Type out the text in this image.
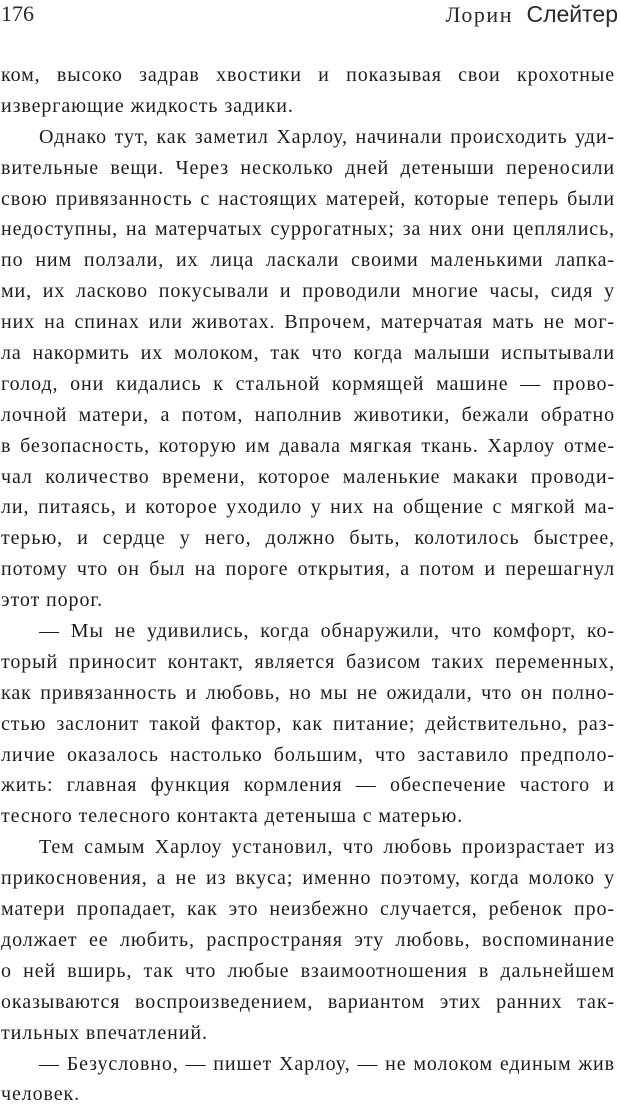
176	Лорин Слейтер
ком, высоко задрав хвостики и показывая свои крохотные
извергающие жидкость задики.
Однако тут, как заметил Харлоу, начинали происходить уди-
вительные вещи. Через несколько дней детеныши переносили
свою привязанность с настоящих матерей, которые теперь были
недоступны, на матерчатых суррогатных; за них они цеплялись,
по ним ползали, их лица ласкали своими маленькими лапка-
ми, их ласково покусывали и проводили многие часы, сидя у
них на спинах или животах. Впрочем, матерчатая мать не мог-
ла накормить их молоком, так что когда малыши испытывали
голод, они кидались к стальной кормящей машине — прово-
лочной матери, а потом, наполнив животики, бежали обратно
в безопасность, которую им давала мягкая ткань. Харлоу отме-
чал количество времени, которое маленькие макаки проводи-
ли, питаясь, и которое уходило у них на общение с мягкой ма-
терью, и сердце у него, должно быть, колотилось быстрее,
потому что он был на пороге открытия, а потом и перешагнул
этот порог.
— Мы не удивились, когда обнаружили, что комфорт, ко-
торый приносит контакт, является базисом таких переменных,
как привязанность и любовь, но мы не ожидали, что он полно-
стью заслонит такой фактор, как питание; действительно, раз-
личие оказалось настолько большим, что заставило предполо-
жить: главная функция кормления — обеспечение частого и
тесного телесного контакта детеныша с матерью.
Тем самым Харлоу установил, что любовь произрастает из
прикосновения, а не из вкуса; именно поэтому, когда молоко у
матери пропадает, как это неизбежно случается, ребенок про-
должает ее любить, распространяя эту любовь, воспоминание
о ней вширь, так что любые взаимоотношения в дальнейшем
оказываются воспроизведением, вариантом этих ранних так-
тильных впечатлений.
— Безусловно, — пишет Харлоу, — не молоком единым жив
человек.
